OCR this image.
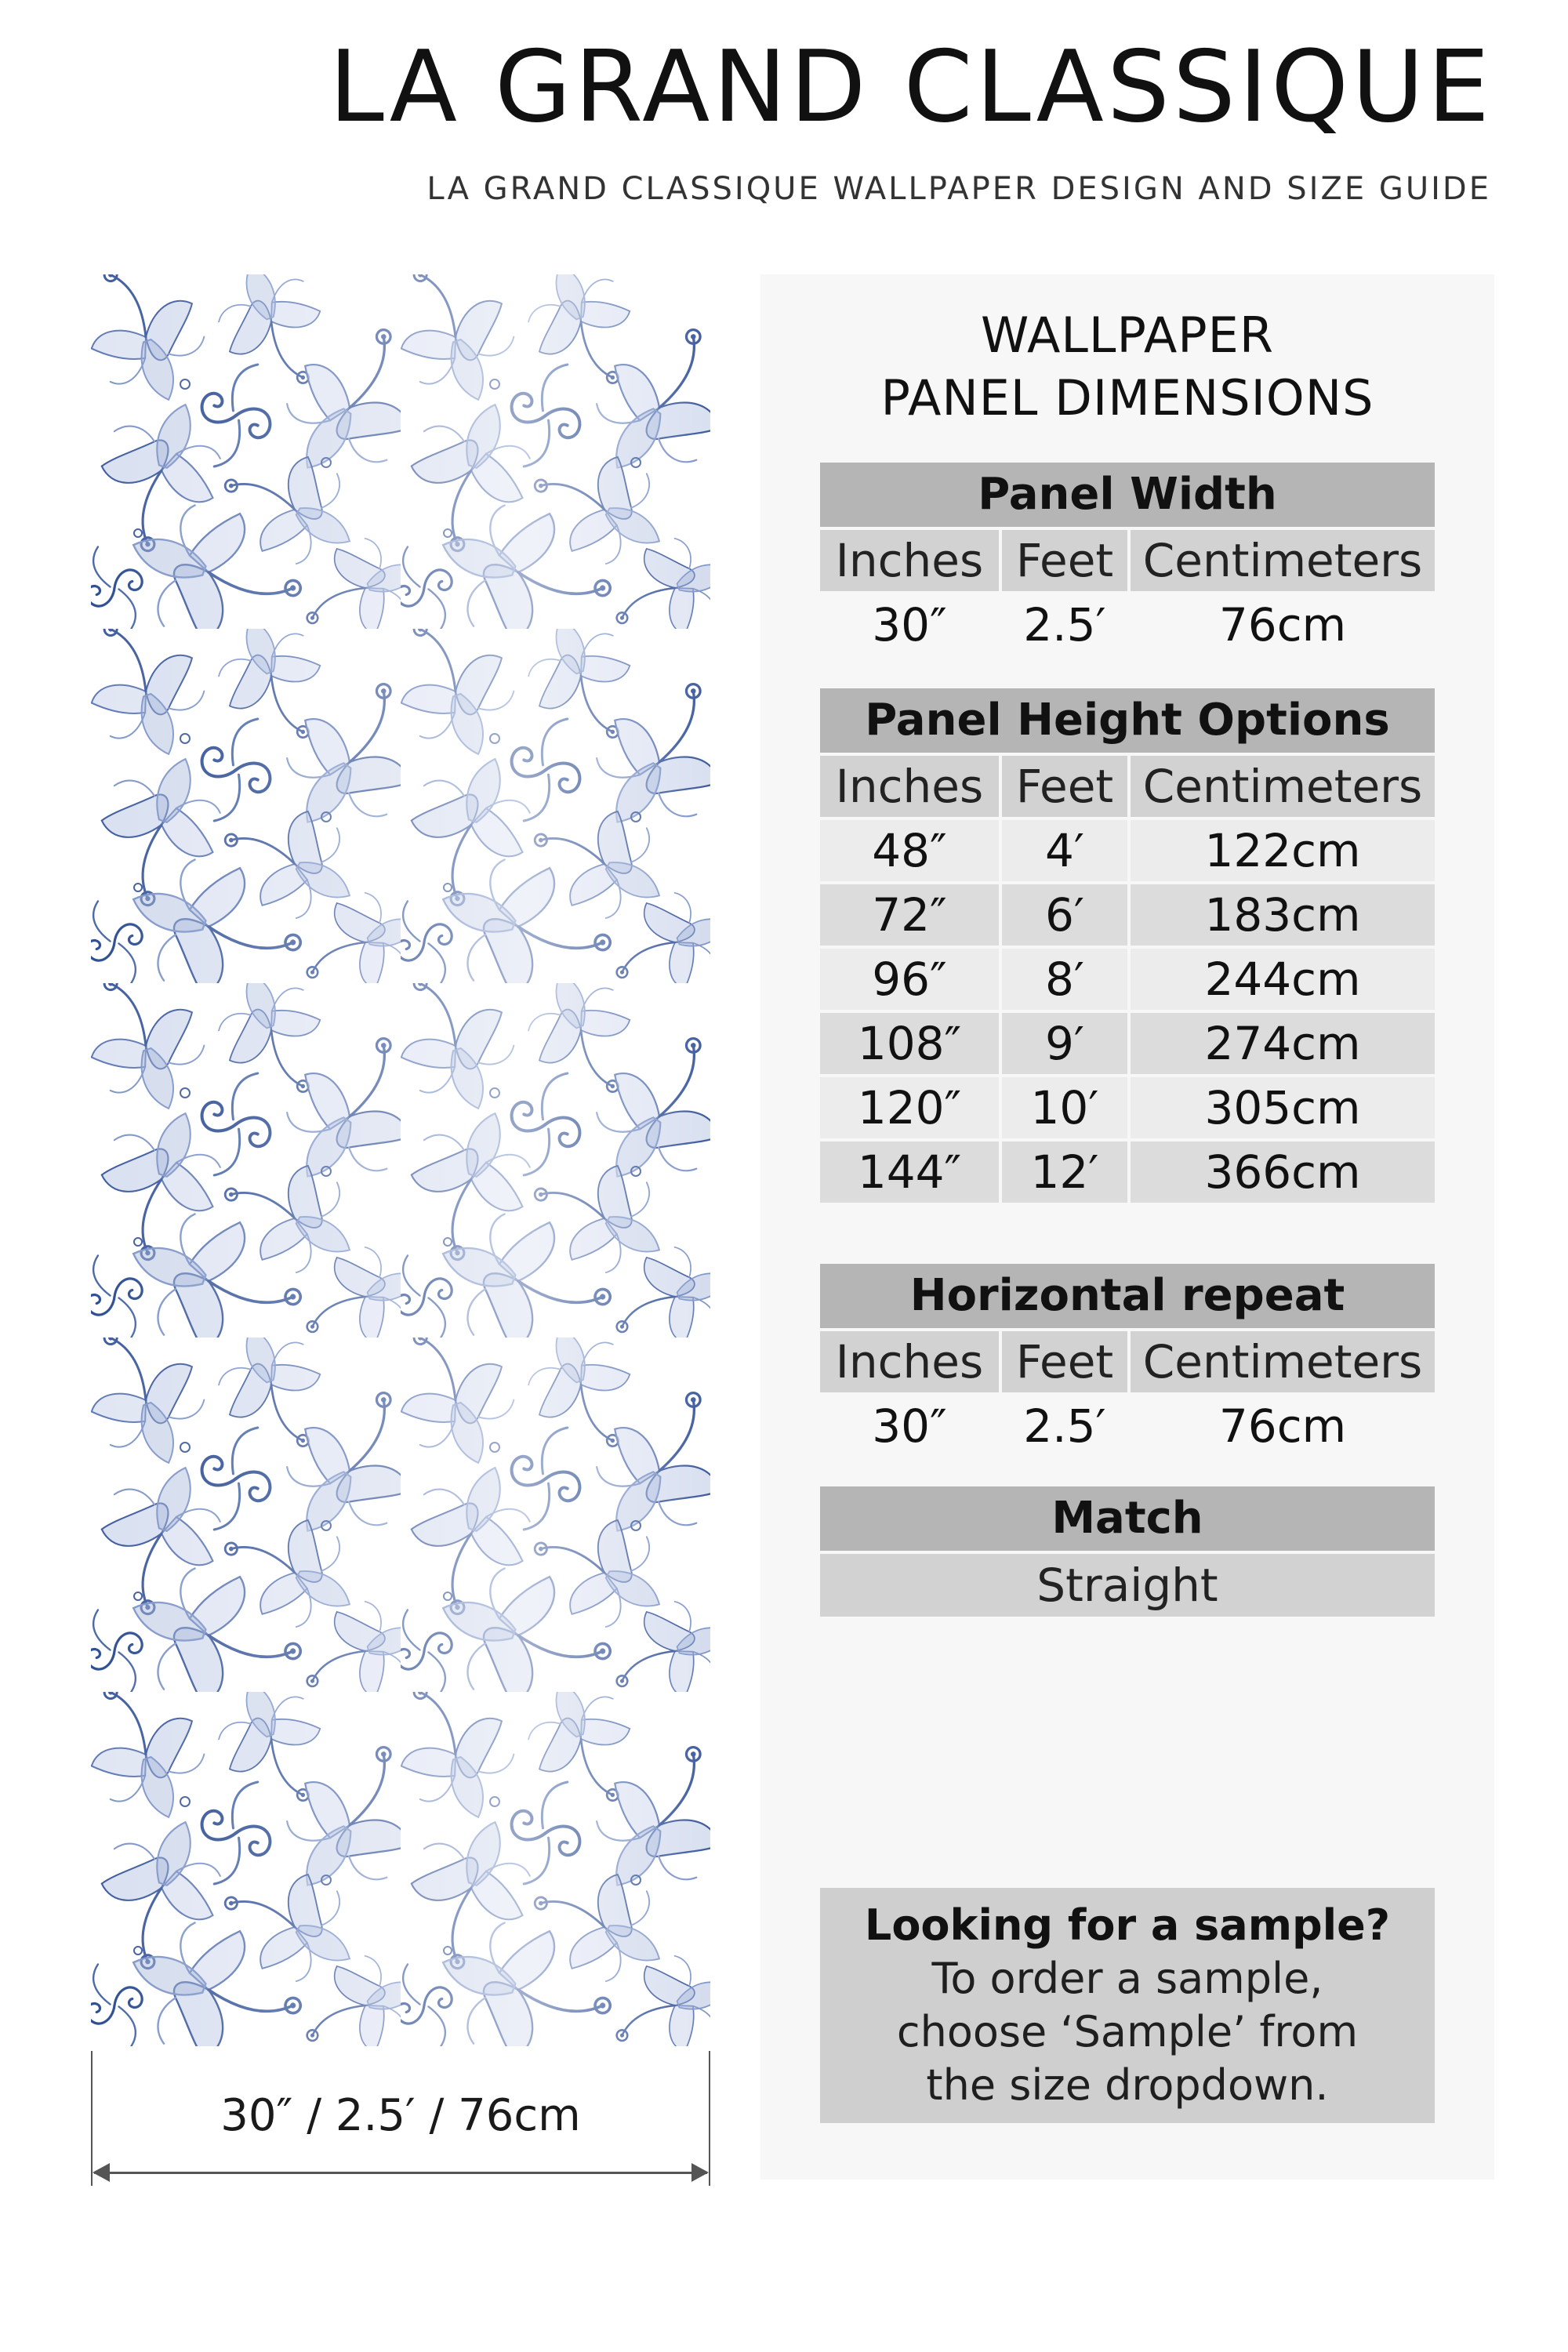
LA GRAND CLASSIQUE

LA GRAND CLASSIQUE WALLPAPER DESIGN AND SIZE GUIDE

30″ / 2.5′ / 76cm
WALLPAPER
PANEL DIMENSIONS
Panel Width
Inches Feet Centimeters
30″	2.5′	76cm
Panel Height Options
Inches Feet Centimeters
48″	4′	122cm
72″	6′	183cm
96″	8′	244cm
108″	9′	274cm
120″	10′	305cm
144″	12′	366cm
Horizontal repeat
Inches Feet Centimeters
30″	2.5′	76cm
Match
Straight
Looking for a sample?
To order a sample, choose ‘Sample’ from the size dropdown.
